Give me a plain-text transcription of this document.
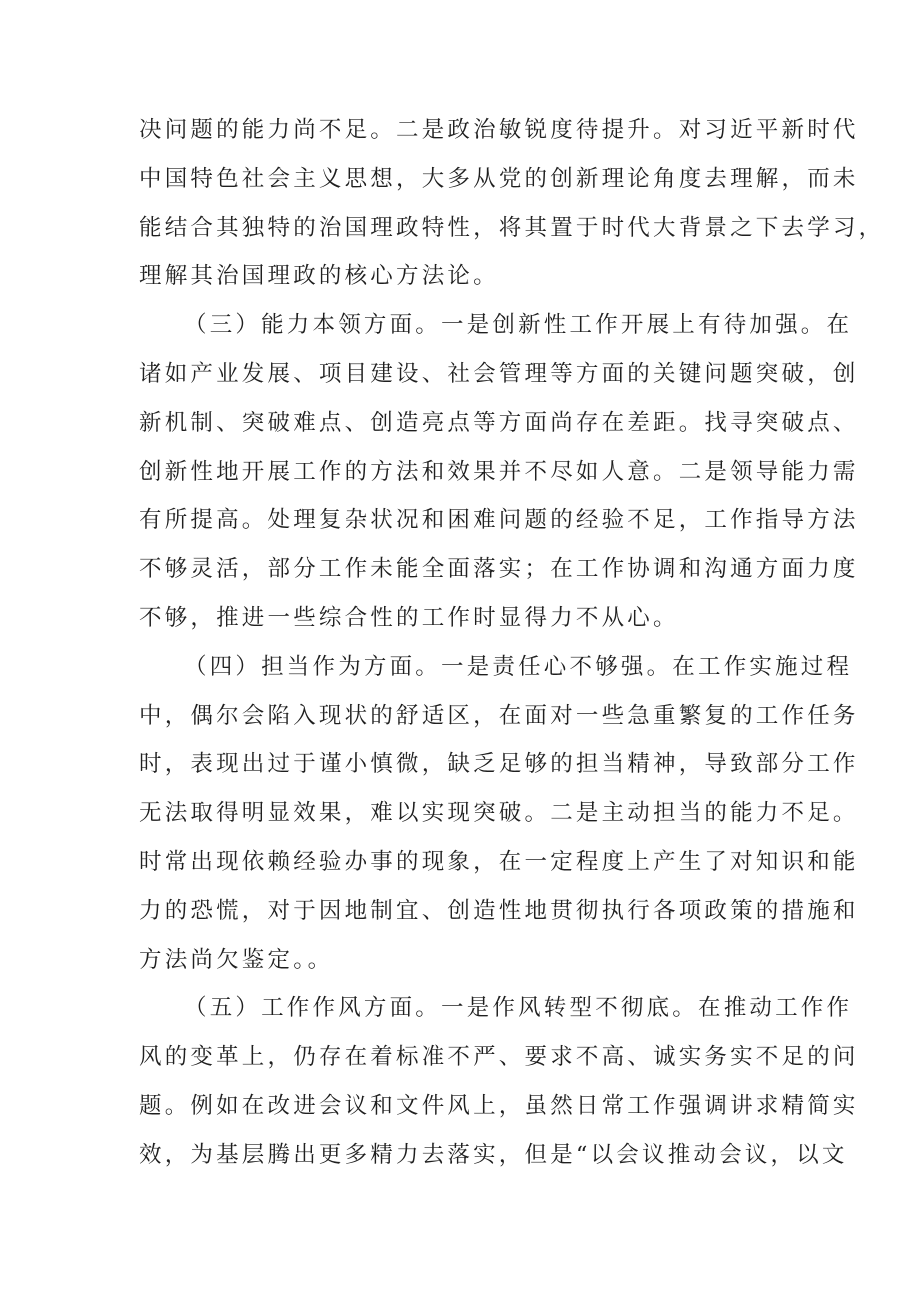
决问题的能力尚不足。二是政治敏锐度待提升。对习近平新时代
中国特色社会主义思想，大多从党的创新理论角度去理解，而未
能结合其独特的治国理政特性，将其置于时代大背景之下去学习，
理解其治国理政的核心方法论。

（三）能力本领方面。一是创新性工作开展上有待加强。在
诸如产业发展、项目建设、社会管理等方面的关键问题突破，创
新机制、突破难点、创造亮点等方面尚存在差距。找寻突破点、
创新性地开展工作的方法和效果并不尽如人意。二是领导能力需
有所提高。处理复杂状况和困难问题的经验不足，工作指导方法
不够灵活，部分工作未能全面落实；在工作协调和沟通方面力度
不够，推进一些综合性的工作时显得力不从心。

（四）担当作为方面。一是责任心不够强。在工作实施过程
中，偶尔会陷入现状的舒适区，在面对一些急重繁复的工作任务
时，表现出过于谨小慎微，缺乏足够的担当精神，导致部分工作
无法取得明显效果，难以实现突破。二是主动担当的能力不足。
时常出现依赖经验办事的现象，在一定程度上产生了对知识和能
力的恐慌，对于因地制宜、创造性地贯彻执行各项政策的措施和
方法尚欠鉴定。。

（五）工作作风方面。一是作风转型不彻底。在推动工作作
风的变革上，仍存在着标准不严、要求不高、诚实务实不足的问
题。例如在改进会议和文件风上，虽然日常工作强调讲求精简实
效，为基层腾出更多精力去落实，但是“以会议推动会议，以文
